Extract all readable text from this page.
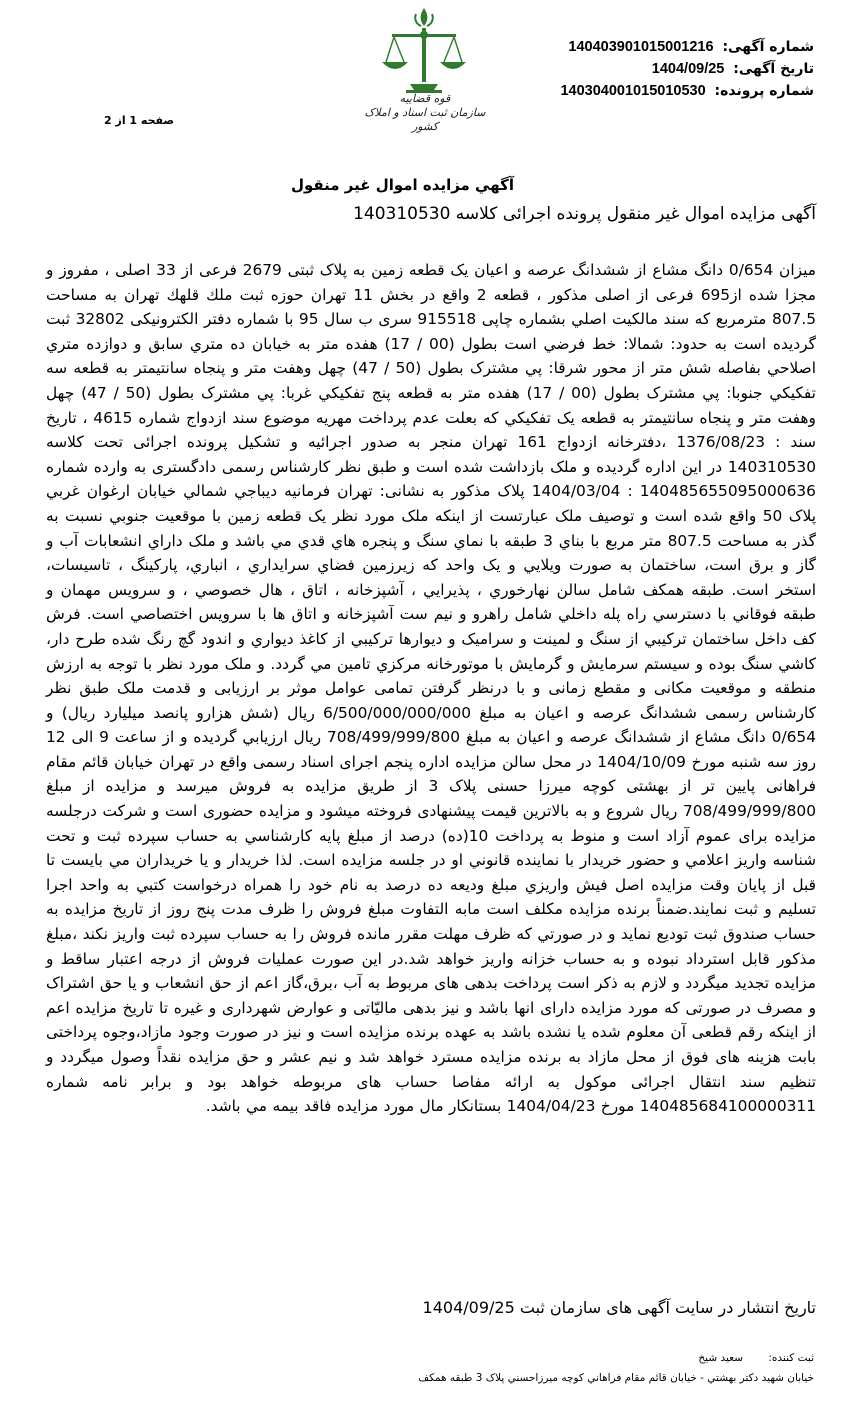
شماره آگهی: 140403901015001216
تاریخ آگهی: 1404/09/25
شماره پرونده: 140304001015010530
قوه قضاییه
سازمان ثبت اسناد و املاک کشور
صفحه 1 از 2
آگهي مزايده اموال غير منقول
آگهی مزایده اموال غیر منقول پرونده اجرائی کلاسه 140310530
ميزان 0/654 دانگ مشاع از ششدانگ عرصه و اعيان يک قطعه زمين به پلاک ثبتی 2679 فرعی از 33 اصلی ، مفروز و مجزا شده از695 فرعی از اصلی مذکور ، قطعه 2 واقع در بخش 11 تهران حوزه ثبت ملك قلهك تهران به مساحت 807.5 مترمربع كه سند مالكيت اصلي بشماره چاپی 915518 سری ب سال 95 با شماره دفتر الکترونیکی 32802 ثبت گردیده است به حدود: شمالا: خط فرضي است بطول (00 / 17) هفده متر به خيابان ده متري سابق و دوازده متري اصلاحي بفاصله شش متر از محور شرقا: پي مشترک بطول (50 / 47) چهل وهفت متر و پنجاه سانتيمتر به قطعه سه تفکيکي جنوبا: پي مشترک بطول (00 / 17) هفده متر به قطعه پنج تفکيکي غربا: پي مشترک بطول (50 / 47) چهل وهفت متر و پنجاه سانتيمتر به قطعه يک تفکيکي که بعلت عدم پرداخت مهريه موضوع سند ازدواج شماره 4615 ، تاريخ سند : 1376/08/23 ،دفترخانه ازدواج 161 تهران منجر به صدور اجرائيه و تشکيل پرونده اجرائی تحت کلاسه 140310530 در اين اداره گرديده و ملک بازداشت شده است و طبق نظر کارشناس رسمی دادگستری به وارده شماره 140485655095000636 : 1404/03/04 پلاک مذکور به نشانی: تهران فرمانيه ديباجي شمالي خيابان ارغوان غربي پلاک 50 واقع شده است و توصيف ملک عبارتست از اينکه ملک مورد نظر يک قطعه زمين با موقعيت جنوبي نسبت به گذر به مساحت 807.5 متر مربع با بناي 3 طبقه با نماي سنگ و پنجره هاي قدي مي باشد و ملک داراي انشعابات آب و گاز و برق است، ساختمان به صورت ويلايي و يک واحد که زيرزمين فضاي سرايداري ، انباري، پارکينگ ، تاسيسات، استخر است. طبقه همکف شامل سالن نهارخوري ، پذيرايي ، آشپزخانه ، اتاق ، هال خصوصي ، و سرويس مهمان و طبقه فوقاني با دسترسي راه پله داخلي شامل راهرو و نيم ست آشپزخانه و اتاق ها با سرويس اختصاصي است. فرش کف داخل ساختمان ترکيبي از سنگ و لمينت و سراميک و ديوارها ترکيبي از کاغذ ديواري و اندود گچ رنگ شده طرح دار، کاشي سنگ بوده و سيستم سرمايش و گرمايش با موتورخانه مرکزي تامين مي گردد. و ملک مورد نظر با توجه به ارزش منطقه و موقعيت مکانی و مقطع زمانی و با درنظر گرفتن تمامی عوامل موثر بر ارزيابی و قدمت ملک طبق نظر کارشناس رسمی ششدانگ عرصه و اعيان به مبلغ 6/500/000/000/000 ريال (شش هزارو پانصد ميليارد ريال) و 0/654 دانگ مشاع از ششدانگ عرصه و اعيان به مبلغ 708/499/999/800 ريال ارزيابي گرديده و از ساعت 9 الی 12 روز سه شنبه مورخ 1404/10/09 در محل سالن مزايده اداره پنجم اجرای اسناد رسمی واقع در تهران خيابان قائم مقام فراهانی پايين تر از بهشتی کوچه ميرزا حسنی پلاک 3 از طريق مزايده به فروش ميرسد و مزايده از مبلغ 708/499/999/800 ريال شروع و به بالاترين قيمت پيشنهادی فروخته ميشود و مزايده حضوری است و شرکت درجلسه مزايده برای عموم آزاد است و منوط به پرداخت 10(ده) درصد از مبلغ پايه کارشناسي به حساب سپرده ثبت و تحت شناسه واريز اعلامي و حضور خريدار با نماينده قانوني او در جلسه مزايده است. لذا خريدار و يا خريداران مي بايست تا قبل از پايان وقت مزايده اصل فيش واريزي مبلغ وديعه ده درصد به نام خود را همراه درخواست کتبي به واحد اجرا تسليم و ثبت نمايند.ضمناً برنده مزايده مکلف است مابه التفاوت مبلغ فروش را ظرف مدت پنج روز از تاريخ مزايده به حساب صندوق ثبت توديع نمايد و در صورتي که ظرف مهلت مقرر مانده فروش را به حساب سپرده ثبت واريز نکند ،مبلغ مذکور قابل استرداد نبوده و به حساب خزانه واريز خواهد شد.در اين صورت عمليات فروش از درجه اعتبار ساقط و مزايده تجديد ميگردد و لازم به ذکر است پرداخت بدهی های مربوط به آب ،برق،گاز اعم از حق انشعاب و يا حق اشتراک و مصرف در صورتی که مورد مزايده دارای انها باشد و نيز بدهی ماليّاتی و عوارض شهرداری و غيره تا تاريخ مزايده اعم از اينکه رقم قطعی آن معلوم شده يا نشده باشد به عهده برنده مزايده است و نيز در صورت وجود مازاد،وجوه پرداختی بابت هزينه های فوق از محل مازاد به برنده مزايده مسترد خواهد شد و نيم عشر و حق مزايده نقداً وصول ميگردد و تنظيم سند انتقال اجرائی موکول به ارائه مفاصا حساب های مربوطه خواهد بود و برابر نامه شماره 140485684100000311 مورخ 1404/04/23 بستانکار مال مورد مزايده فاقد بيمه مي باشد.
تاریخ انتشار در سایت آگهی های سازمان ثبت 1404/09/25
ثبت کننده: سعید شیخ
خيابان شهيد دکتر بهشتي - خيابان قائم مقام فراهاني کوچه ميرزاحسني پلاک 3 طبقه همکف
